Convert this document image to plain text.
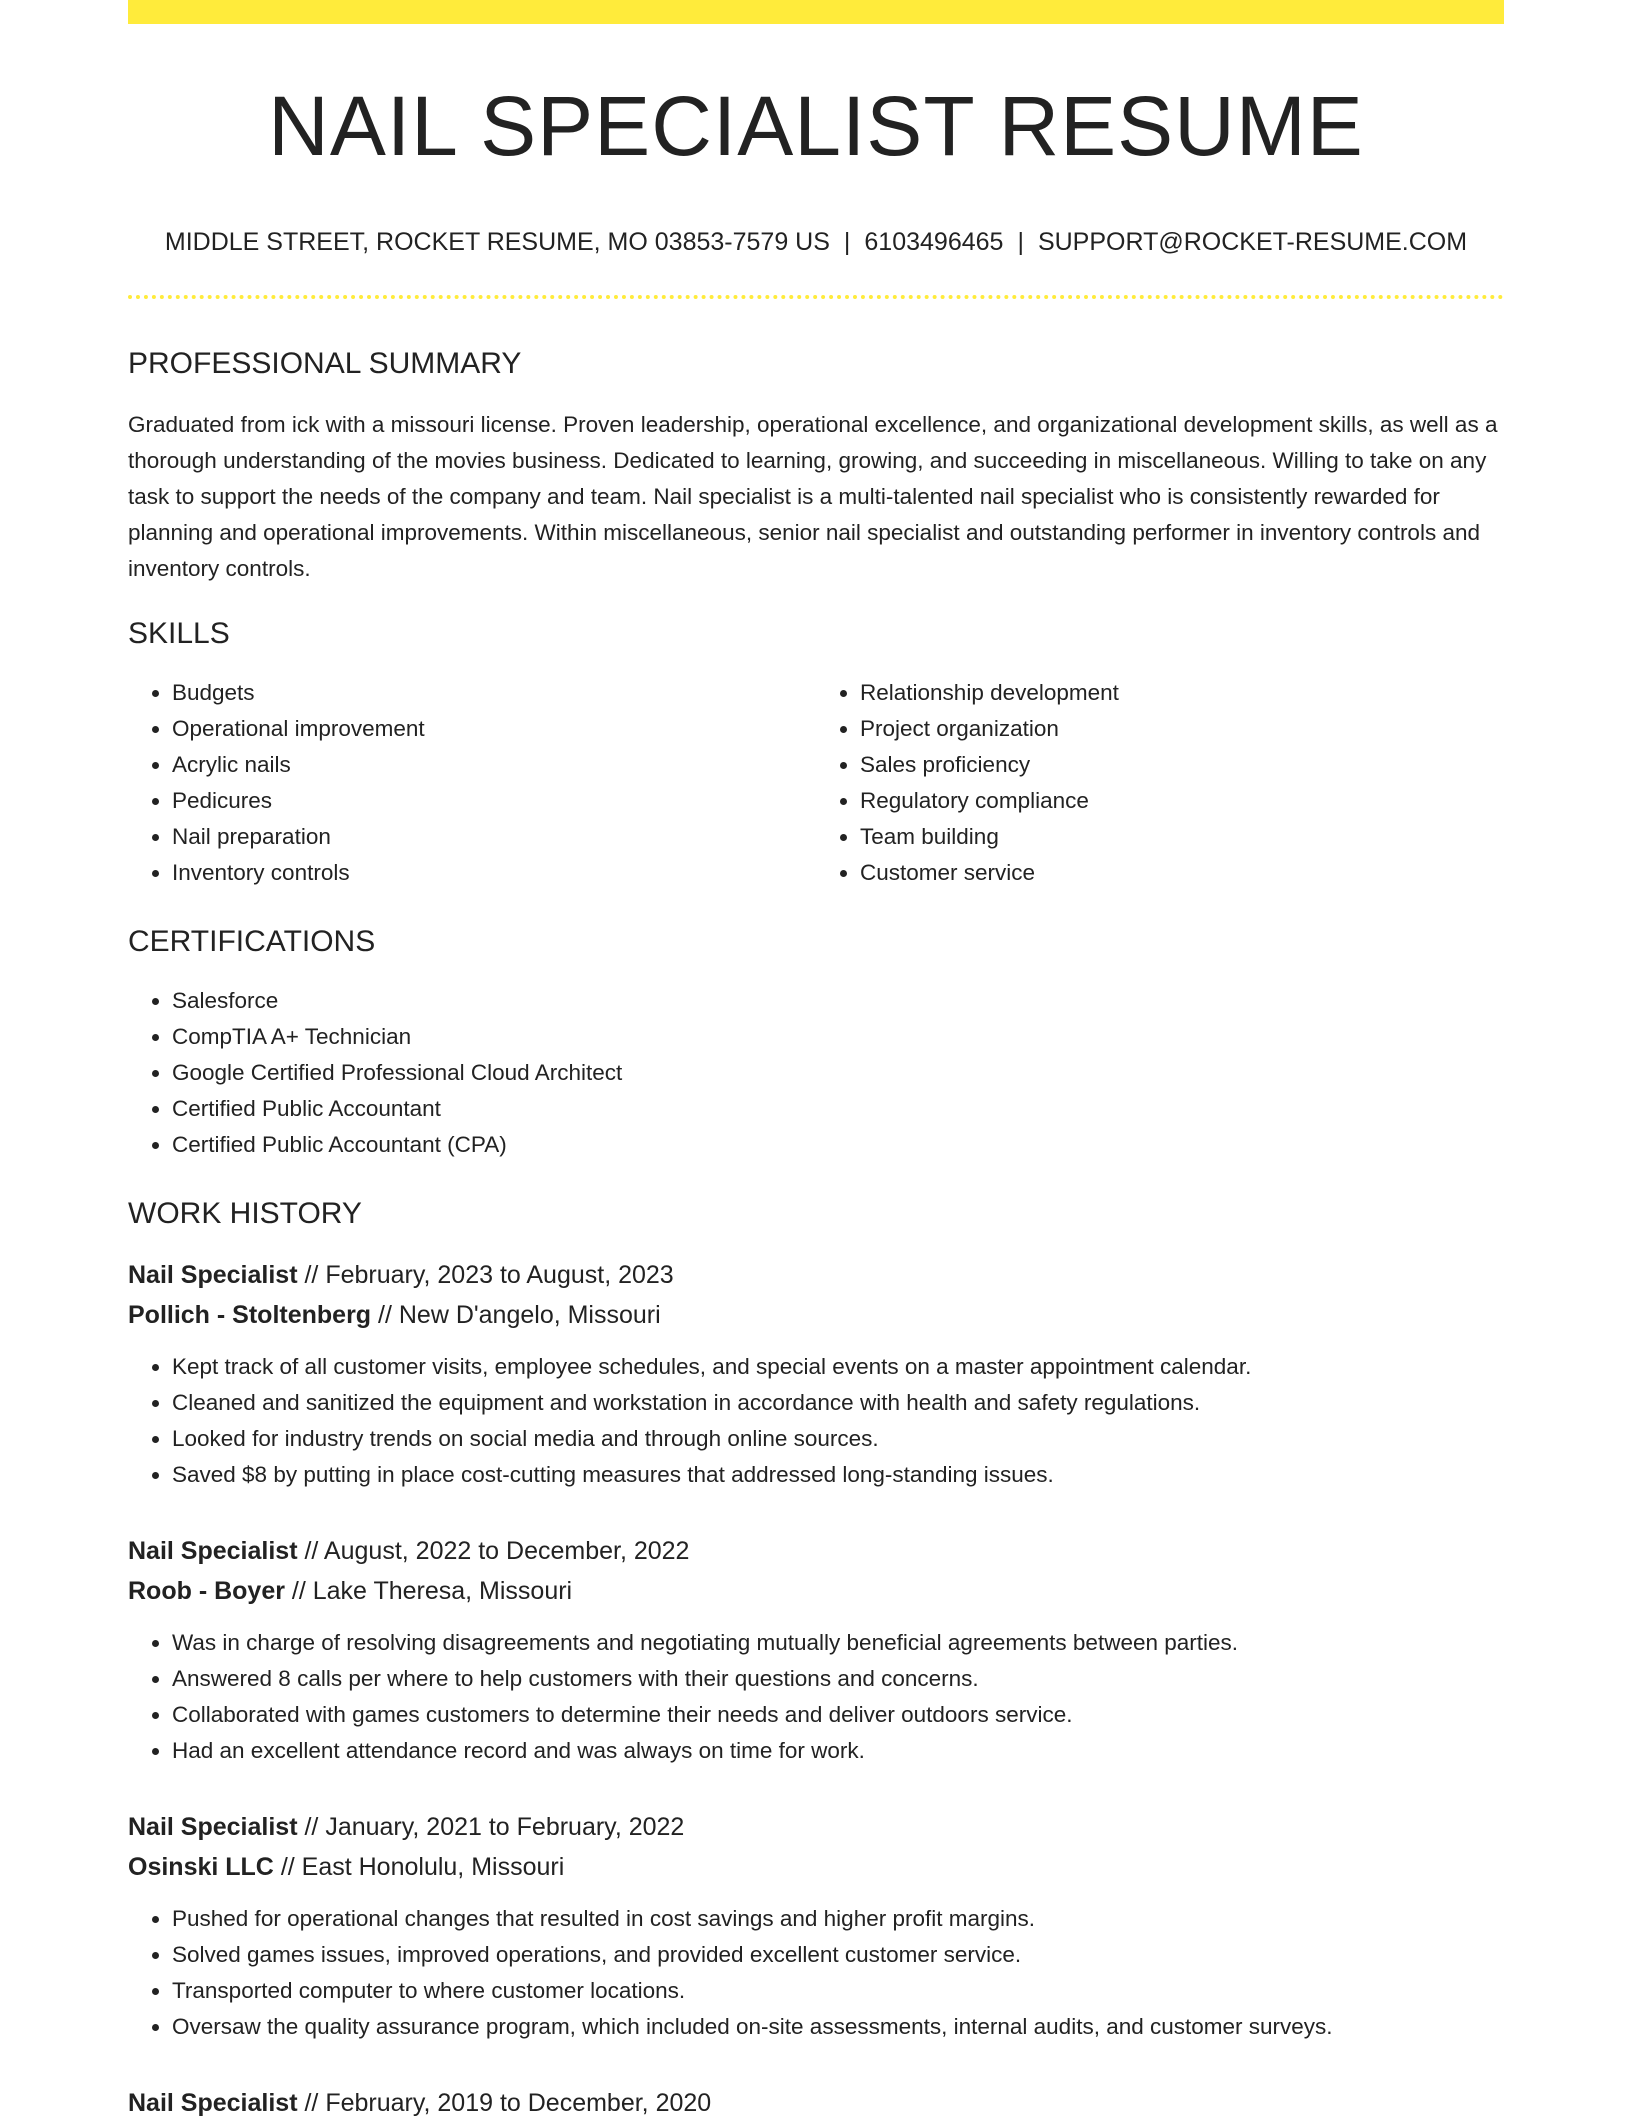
NAIL SPECIALIST RESUME
MIDDLE STREET, ROCKET RESUME, MO 03853-7579 US | 6103496465 | SUPPORT@ROCKET-RESUME.COM
PROFESSIONAL SUMMARY
Graduated from ick with a missouri license. Proven leadership, operational excellence, and organizational development skills, as well as a thorough understanding of the movies business. Dedicated to learning, growing, and succeeding in miscellaneous. Willing to take on any task to support the needs of the company and team. Nail specialist is a multi-talented nail specialist who is consistently rewarded for planning and operational improvements. Within miscellaneous, senior nail specialist and outstanding performer in inventory controls and inventory controls.
SKILLS
• Budgets
• Operational improvement
• Acrylic nails
• Pedicures
• Nail preparation
• Inventory controls
• Relationship development
• Project organization
• Sales proficiency
• Regulatory compliance
• Team building
• Customer service
CERTIFICATIONS
• Salesforce
• CompTIA A+ Technician
• Google Certified Professional Cloud Architect
• Certified Public Accountant
• Certified Public Accountant (CPA)
WORK HISTORY
Nail Specialist // February, 2023 to August, 2023
Pollich - Stoltenberg // New D'angelo, Missouri
• Kept track of all customer visits, employee schedules, and special events on a master appointment calendar.
• Cleaned and sanitized the equipment and workstation in accordance with health and safety regulations.
• Looked for industry trends on social media and through online sources.
• Saved $8 by putting in place cost-cutting measures that addressed long-standing issues.
Nail Specialist // August, 2022 to December, 2022
Roob - Boyer // Lake Theresa, Missouri
• Was in charge of resolving disagreements and negotiating mutually beneficial agreements between parties.
• Answered 8 calls per where to help customers with their questions and concerns.
• Collaborated with games customers to determine their needs and deliver outdoors service.
• Had an excellent attendance record and was always on time for work.
Nail Specialist // January, 2021 to February, 2022
Osinski LLC // East Honolulu, Missouri
• Pushed for operational changes that resulted in cost savings and higher profit margins.
• Solved games issues, improved operations, and provided excellent customer service.
• Transported computer to where customer locations.
• Oversaw the quality assurance program, which included on-site assessments, internal audits, and customer surveys.
Nail Specialist // February, 2019 to December, 2020
